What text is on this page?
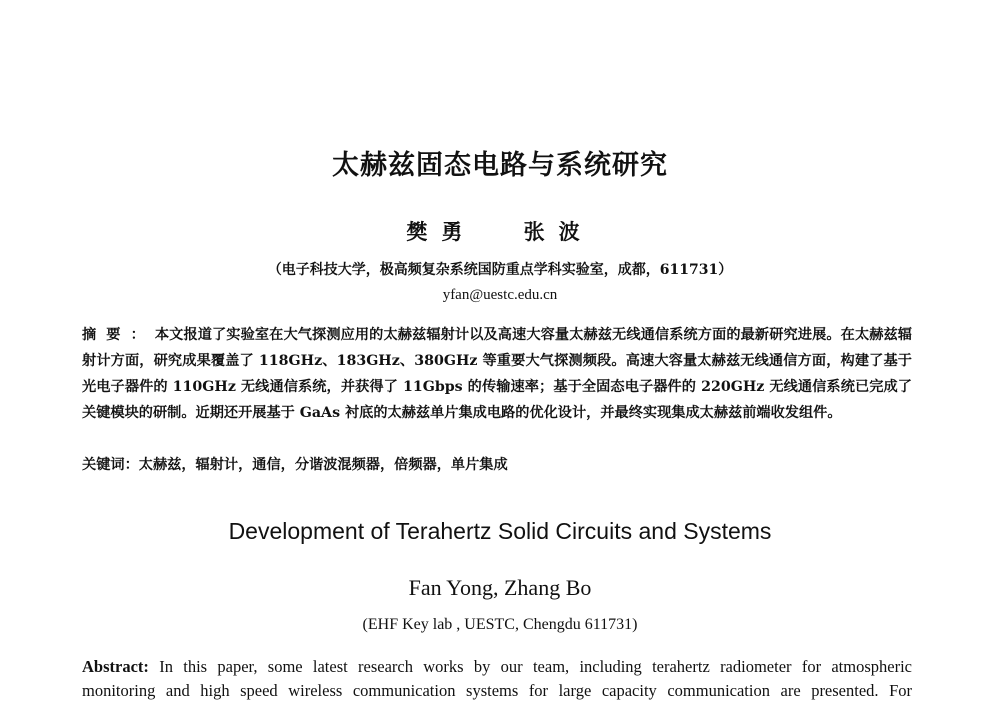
太赫兹固态电路与系统研究
樊勇 张波
（电子科技大学，极高频复杂系统国防重点学科实验室，成都，611731）
yfan@uestc.edu.cn
摘要：本文报道了实验室在大气探测应用的太赫兹辐射计以及高速大容量太赫兹无线通信系统方面的最新研究进展。在太赫兹辐射计方面，研究成果覆盖了 118GHz、183GHz、380GHz 等重要大气探测频段。高速大容量太赫兹无线通信方面，构建了基于光电子器件的 110GHz 无线通信系统，并获得了 11Gbps 的传输速率；基于全固态电子器件的 220GHz 无线通信系统已完成了关键模块的研制。近期还开展基于 GaAs 衬底的太赫兹单片集成电路的优化设计，并最终实现集成太赫兹前端收发组件。
关键词：太赫兹，辐射计，通信，分谐波混频器，倍频器，单片集成
Development of Terahertz Solid Circuits and Systems
Fan Yong, Zhang Bo
(EHF Key lab , UESTC, Chengdu 611731)
Abstract: In this paper, some latest research works by our team, including terahertz radiometer for atmospheric
monitoring and high speed wireless communication systems for large capacity communication are presented. For
